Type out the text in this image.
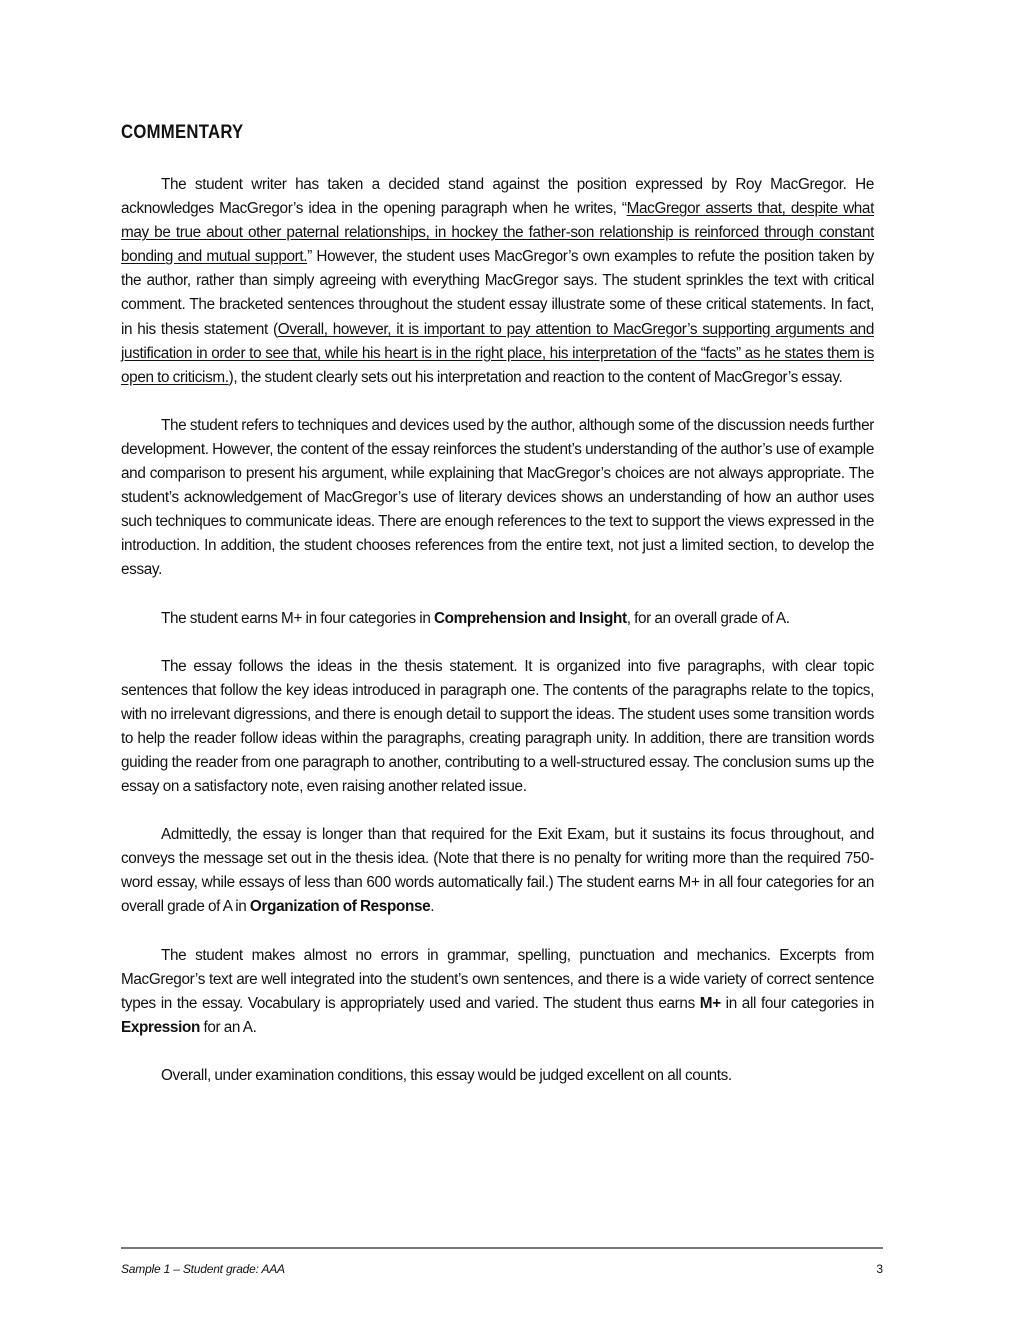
COMMENTARY

The student writer has taken a decided stand against the position expressed by Roy MacGregor. He acknowledges MacGregor’s idea in the opening paragraph when he writes, “MacGregor asserts that, despite what may be true about other paternal relationships, in hockey the father-son relationship is reinforced through constant bonding and mutual support.” However, the student uses MacGregor’s own examples to refute the position taken by the author, rather than simply agreeing with everything MacGregor says. The student sprinkles the text with critical comment. The bracketed sentences throughout the student essay illustrate some of these critical statements. In fact, in his thesis statement (Overall, however, it is important to pay attention to MacGregor’s supporting arguments and justification in order to see that, while his heart is in the right place, his interpretation of the “facts” as he states them is open to criticism.), the student clearly sets out his interpretation and reaction to the content of MacGregor’s essay.

The student refers to techniques and devices used by the author, although some of the discussion needs further development. However, the content of the essay reinforces the student’s understanding of the author’s use of example and comparison to present his argument, while explaining that MacGregor’s choices are not always appropriate. The student’s acknowledgement of MacGregor’s use of literary devices shows an understanding of how an author uses such techniques to communicate ideas. There are enough references to the text to support the views expressed in the introduction. In addition, the student chooses references from the entire text, not just a limited section, to develop the essay.

The student earns M+ in four categories in Comprehension and Insight, for an overall grade of A.

The essay follows the ideas in the thesis statement. It is organized into five paragraphs, with clear topic sentences that follow the key ideas introduced in paragraph one. The contents of the paragraphs relate to the topics, with no irrelevant digressions, and there is enough detail to support the ideas. The student uses some transition words to help the reader follow ideas within the paragraphs, creating paragraph unity. In addition, there are transition words guiding the reader from one paragraph to another, contributing to a well-structured essay. The conclusion sums up the essay on a satisfactory note, even raising another related issue.

Admittedly, the essay is longer than that required for the Exit Exam, but it sustains its focus throughout, and conveys the message set out in the thesis idea. (Note that there is no penalty for writing more than the required 750-word essay, while essays of less than 600 words automatically fail.) The student earns M+ in all four categories for an overall grade of A in Organization of Response.

The student makes almost no errors in grammar, spelling, punctuation and mechanics. Excerpts from MacGregor’s text are well integrated into the student’s own sentences, and there is a wide variety of correct sentence types in the essay. Vocabulary is appropriately used and varied. The student thus earns M+ in all four categories in Expression for an A.

Overall, under examination conditions, this essay would be judged excellent on all counts.

Sample 1 – Student grade: AAA	3
